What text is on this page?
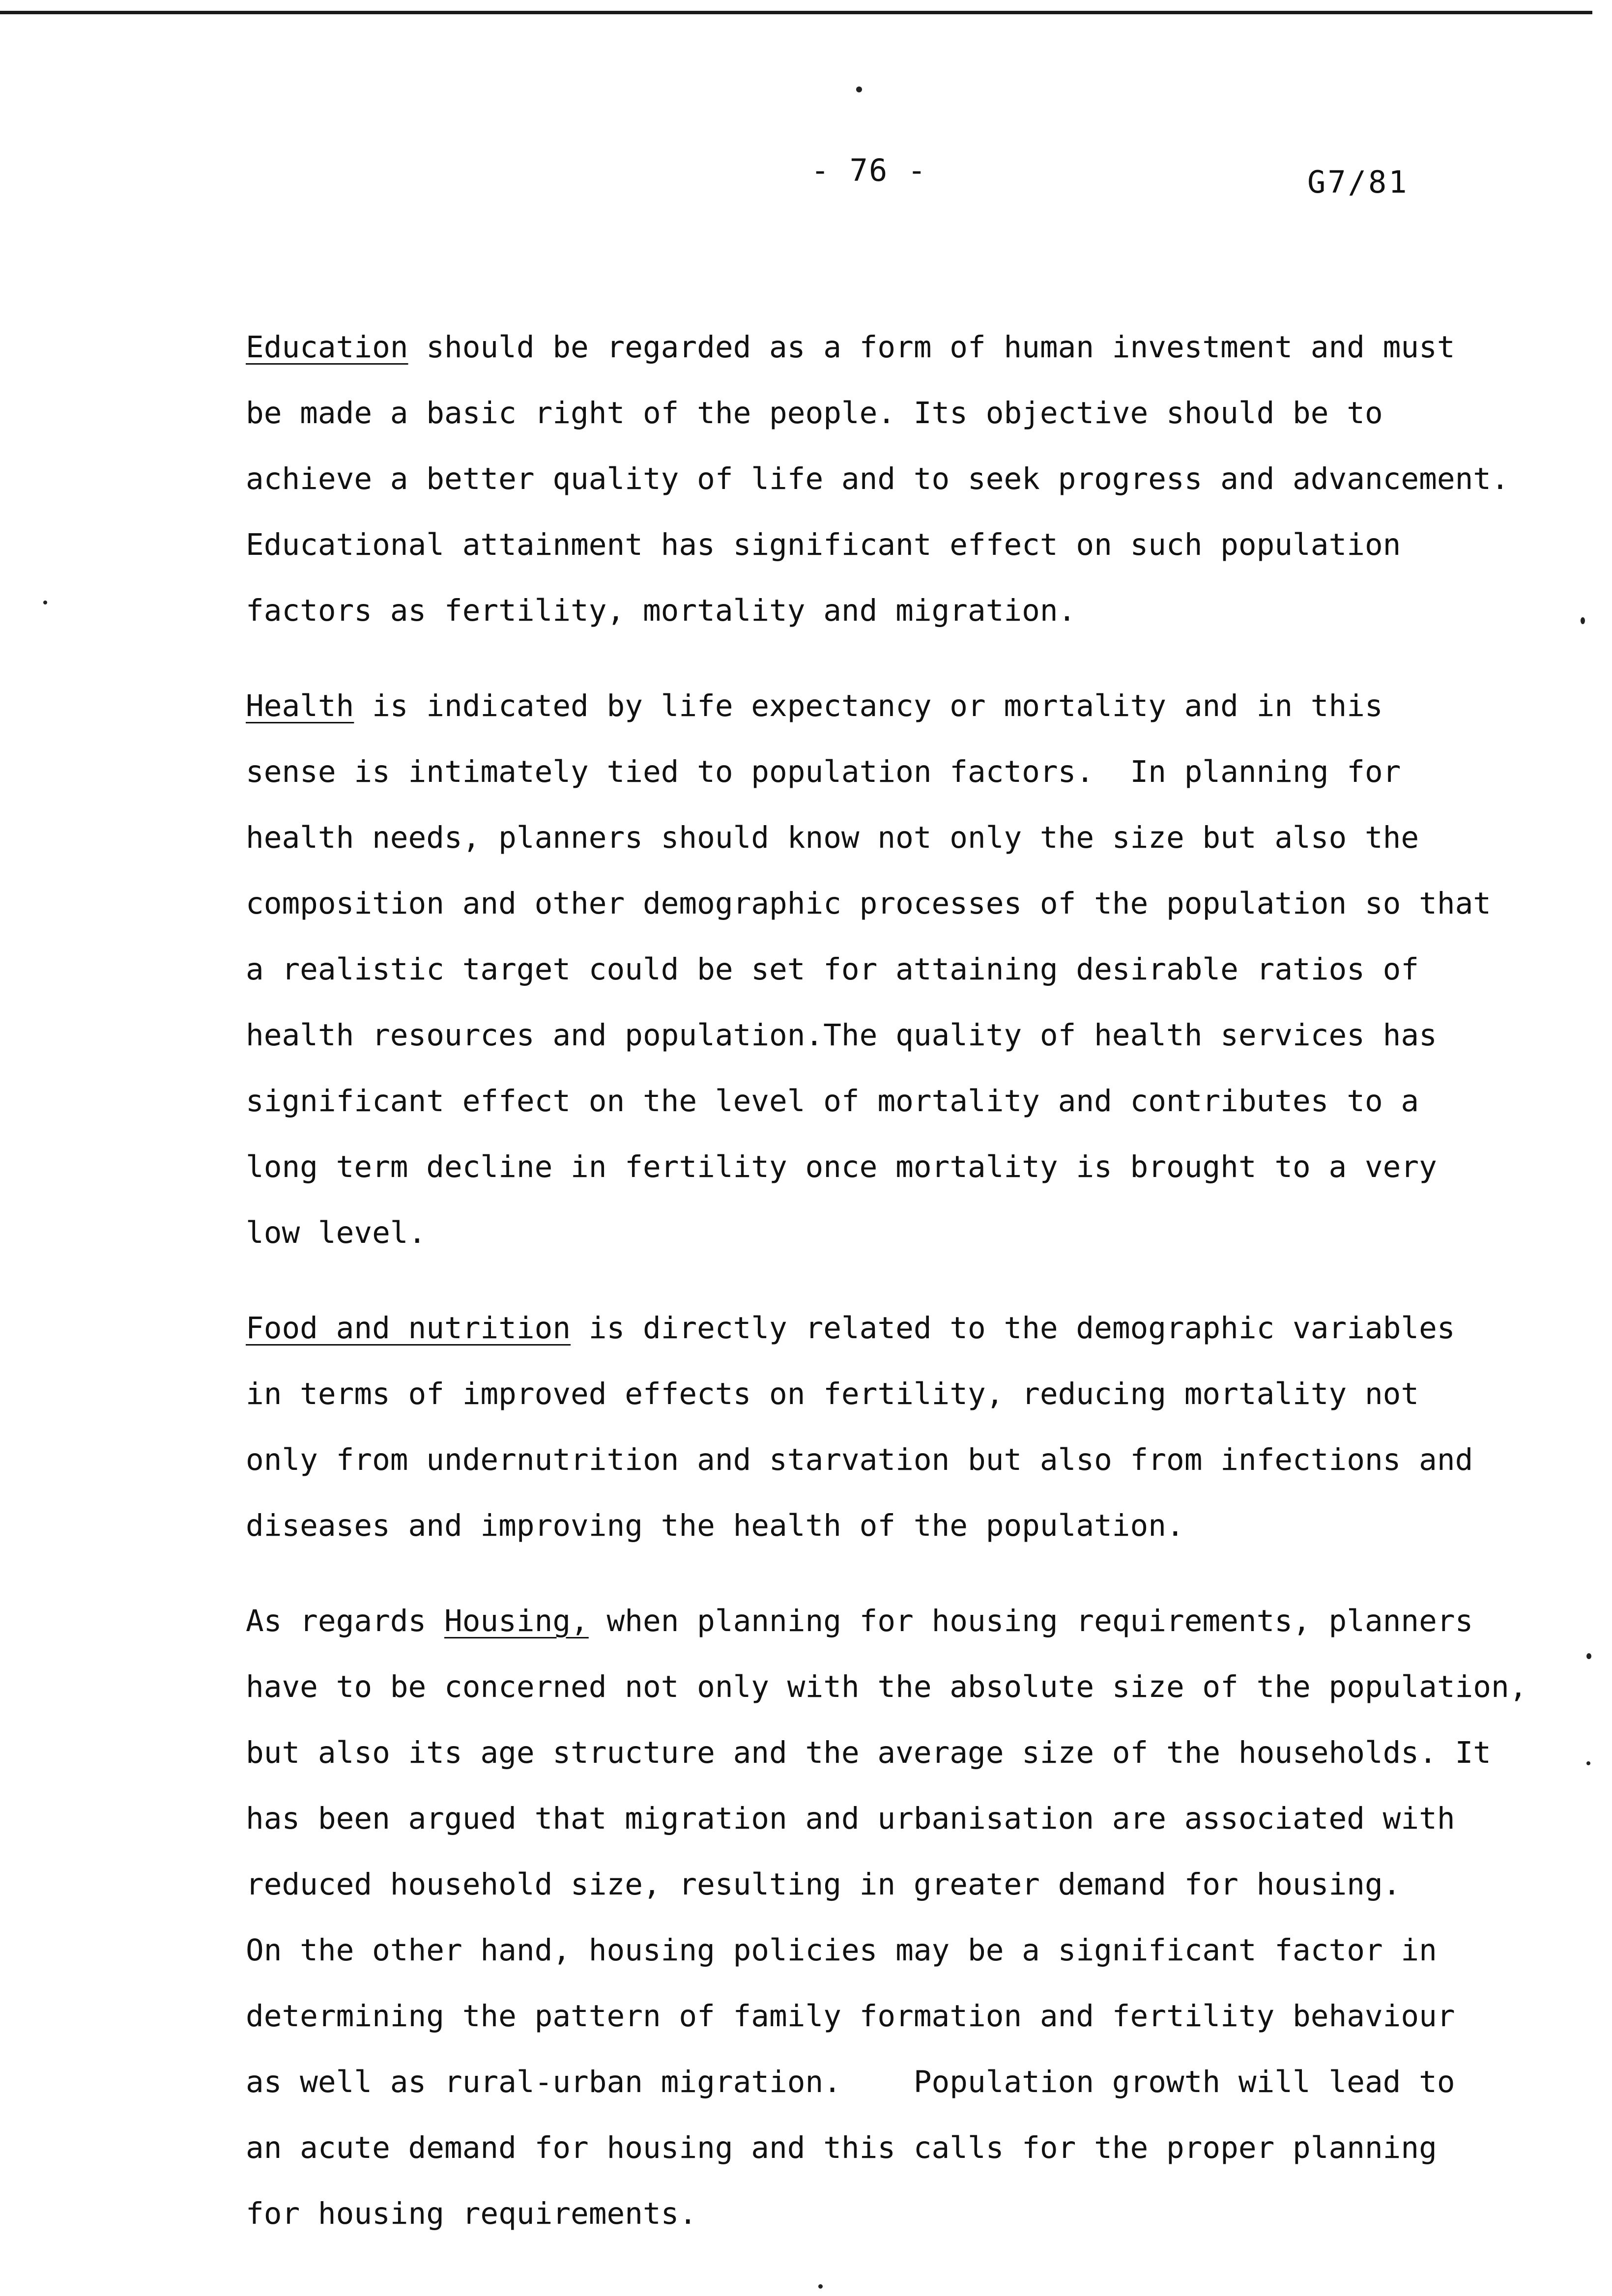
- 76 -	G7/81
Education should be regarded as a form of human investment and must
be made a basic right of the people. Its objective should be to
achieve a better quality of life and to seek progress and advancement.
Educational attainment has significant effect on such population
factors as fertility, mortality and migration.
Health is indicated by life expectancy or mortality and in this
sense is intimately tied to population factors.  In planning for
health needs, planners should know not only the size but also the
composition and other demographic processes of the population so that
a realistic target could be set for attaining desirable ratios of
health resources and population.The quality of health services has
significant effect on the level of mortality and contributes to a
long term decline in fertility once mortality is brought to a very
low level.
Food and nutrition is directly related to the demographic variables
in terms of improved effects on fertility, reducing mortality not
only from undernutrition and starvation but also from infections and
diseases and improving the health of the population.
As regards Housing, when planning for housing requirements, planners
have to be concerned not only with the absolute size of the population,
but also its age structure and the average size of the households. It
has been argued that migration and urbanisation are associated with
reduced household size, resulting in greater demand for housing.
On the other hand, housing policies may be a significant factor in
determining the pattern of family formation and fertility behaviour
as well as rural-urban migration.    Population growth will lead to
an acute demand for housing and this calls for the proper planning
for housing requirements.
